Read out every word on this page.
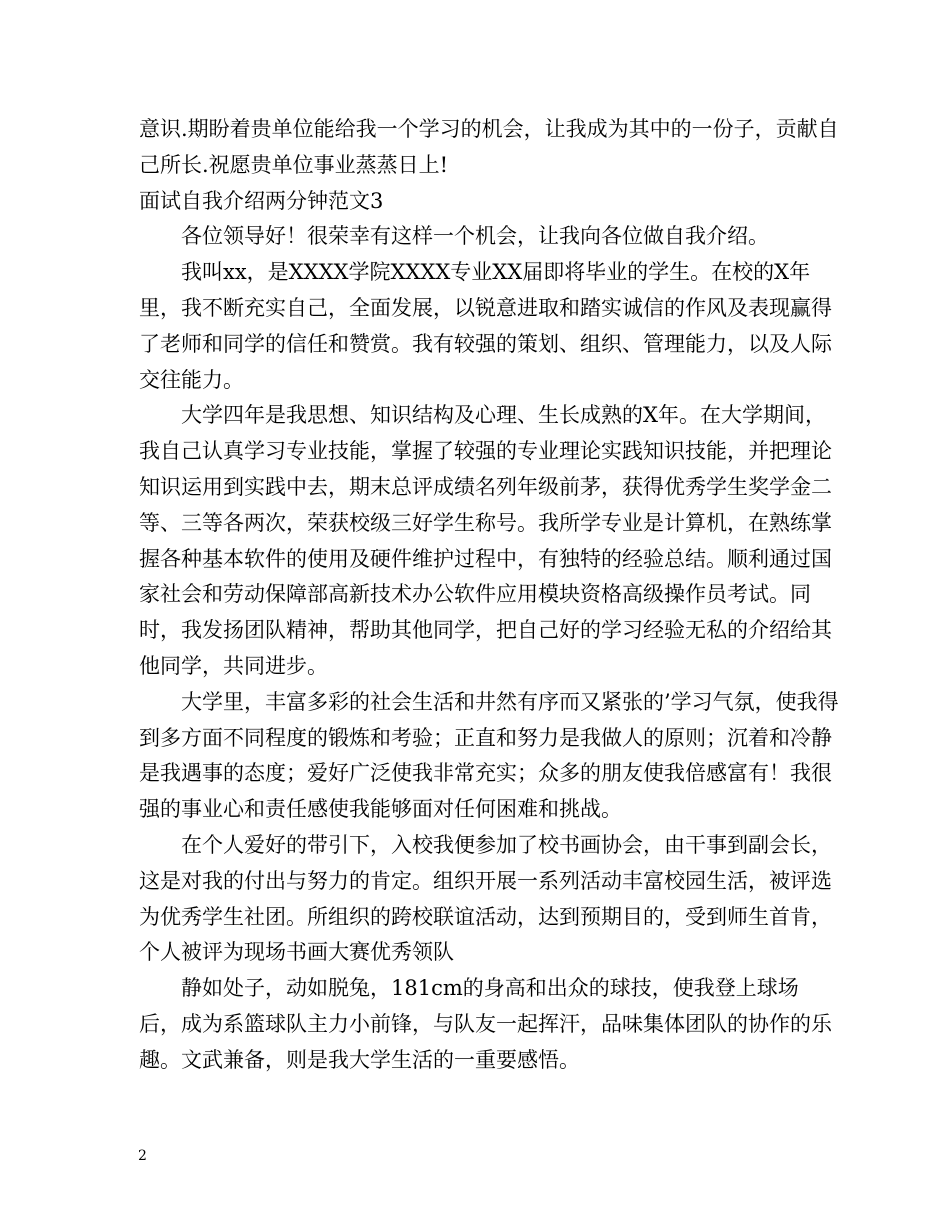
意识.期盼着贵单位能给我一个学习的机会，让我成为其中的一份子，贡献自己所长.祝愿贵单位事业蒸蒸日上!

面试自我介绍两分钟范文3

各位领导好！很荣幸有这样一个机会，让我向各位做自我介绍。

我叫xx，是XXXX学院XXXX专业XX届即将毕业的学生。在校的X年里，我不断充实自己，全面发展，以锐意进取和踏实诚信的作风及表现赢得了老师和同学的信任和赞赏。我有较强的策划、组织、管理能力，以及人际交往能力。

大学四年是我思想、知识结构及心理、生长成熟的X年。在大学期间，我自己认真学习专业技能，掌握了较强的专业理论实践知识技能，并把理论知识运用到实践中去，期末总评成绩名列年级前茅，获得优秀学生奖学金二等、三等各两次，荣获校级三好学生称号。我所学专业是计算机，在熟练掌握各种基本软件的使用及硬件维护过程中，有独特的经验总结。顺利通过国家社会和劳动保障部高新技术办公软件应用模块资格高级操作员考试。同时，我发扬团队精神，帮助其他同学，把自己好的学习经验无私的介绍给其他同学，共同进步。

大学里，丰富多彩的社会生活和井然有序而又紧张的’学习气氛，使我得到多方面不同程度的锻炼和考验；正直和努力是我做人的原则；沉着和冷静是我遇事的态度；爱好广泛使我非常充实；众多的朋友使我倍感富有！我很强的事业心和责任感使我能够面对任何困难和挑战。

在个人爱好的带引下，入校我便参加了校书画协会，由干事到副会长，这是对我的付出与努力的肯定。组织开展一系列活动丰富校园生活，被评选为优秀学生社团。所组织的跨校联谊活动，达到预期目的，受到师生首肯，个人被评为现场书画大赛优秀领队

静如处子，动如脱兔，181cm的身高和出众的球技，使我登上球场后，成为系篮球队主力小前锋，与队友一起挥汗，品味集体团队的协作的乐趣。文武兼备，则是我大学生活的一重要感悟。

2
